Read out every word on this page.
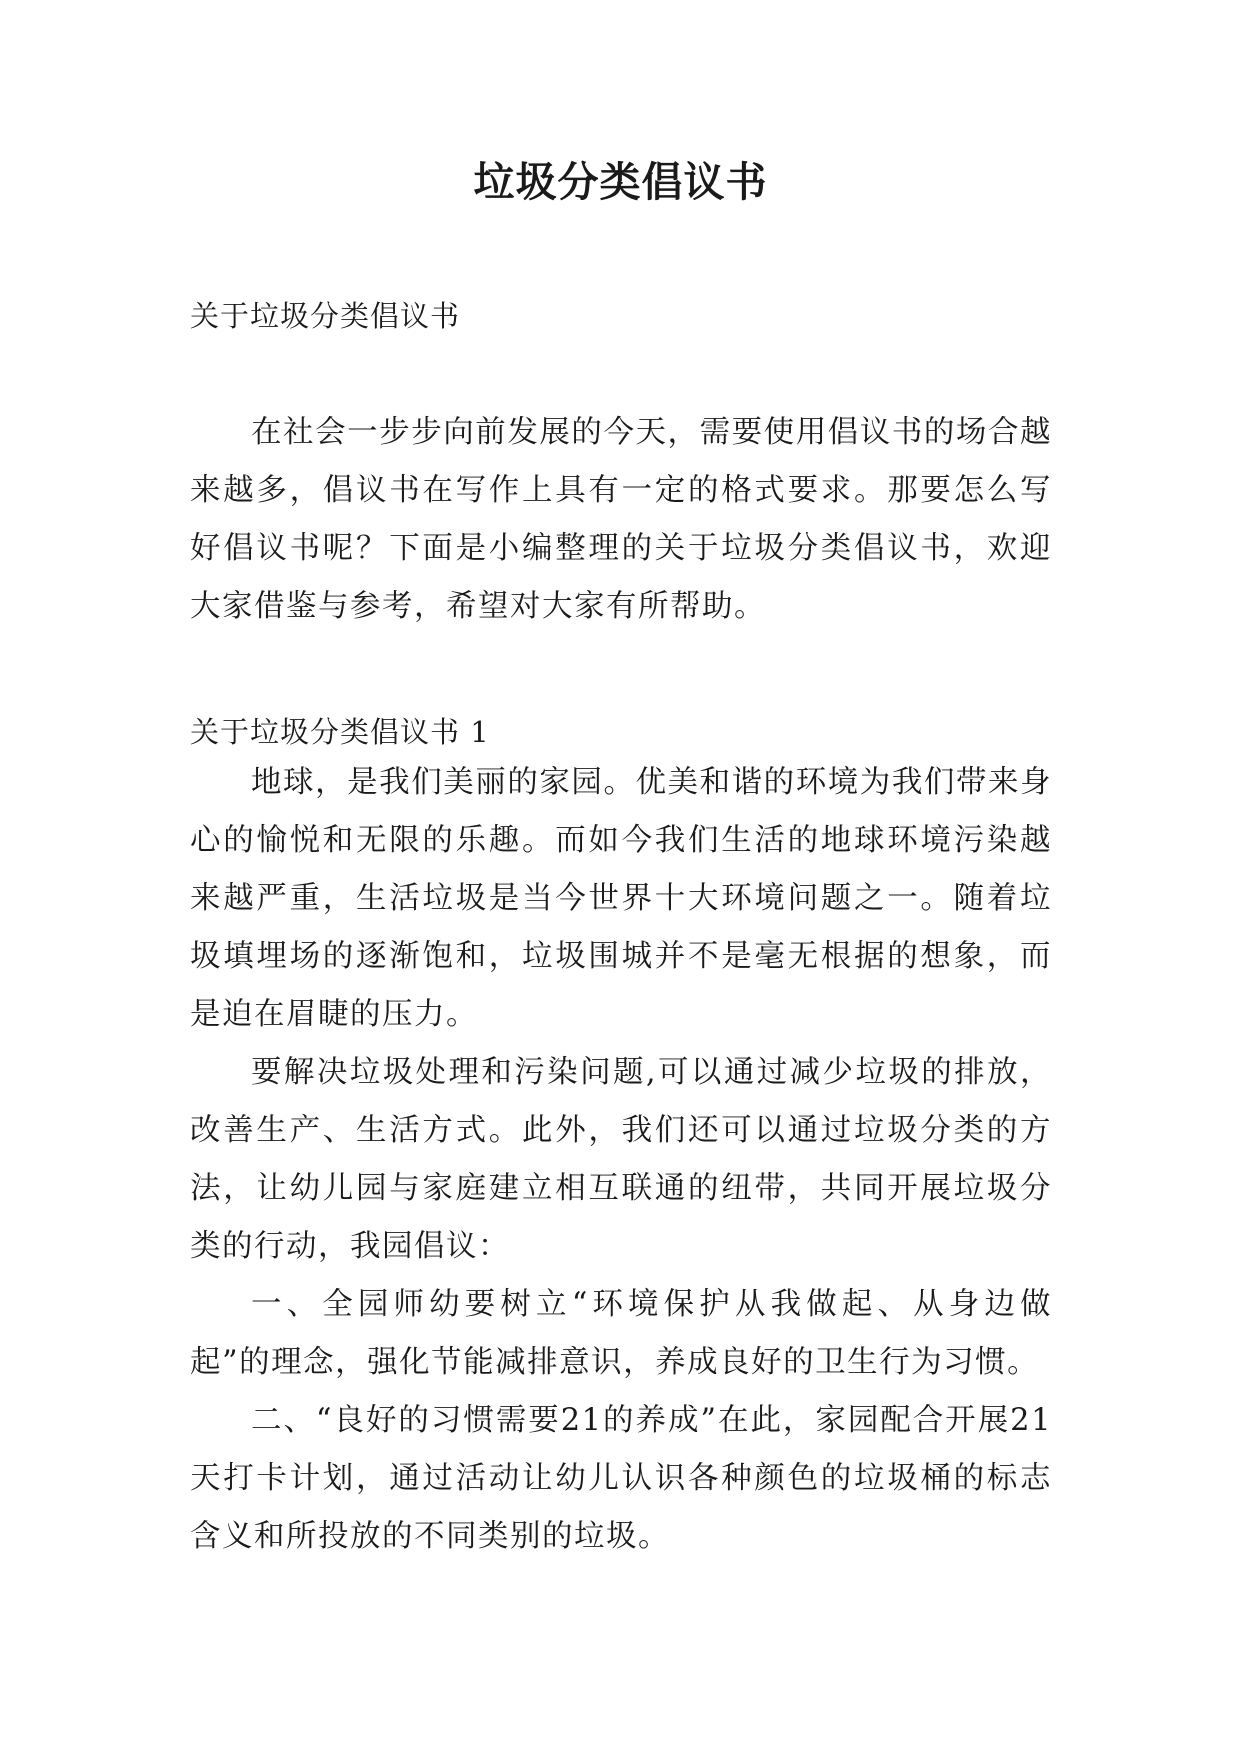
垃圾分类倡议书

关于垃圾分类倡议书

在社会一步步向前发展的今天，需要使用倡议书的场合越来越多，倡议书在写作上具有一定的格式要求。那要怎么写好倡议书呢？下面是小编整理的关于垃圾分类倡议书，欢迎大家借鉴与参考，希望对大家有所帮助。

关于垃圾分类倡议书 1

地球，是我们美丽的家园。优美和谐的环境为我们带来身心的愉悦和无限的乐趣。而如今我们生活的地球环境污染越来越严重，生活垃圾是当今世界十大环境问题之一。随着垃圾填埋场的逐渐饱和，垃圾围城并不是毫无根据的想象，而是迫在眉睫的压力。

要解决垃圾处理和污染问题,可以通过减少垃圾的排放，改善生产、生活方式。此外，我们还可以通过垃圾分类的方法，让幼儿园与家庭建立相互联通的纽带，共同开展垃圾分类的行动，我园倡议：

一、全园师幼要树立“环境保护从我做起、从身边做起”的理念，强化节能减排意识，养成良好的卫生行为习惯。

二、“良好的习惯需要21的养成”在此，家园配合开展21天打卡计划，通过活动让幼儿认识各种颜色的垃圾桶的标志含义和所投放的不同类别的垃圾。
